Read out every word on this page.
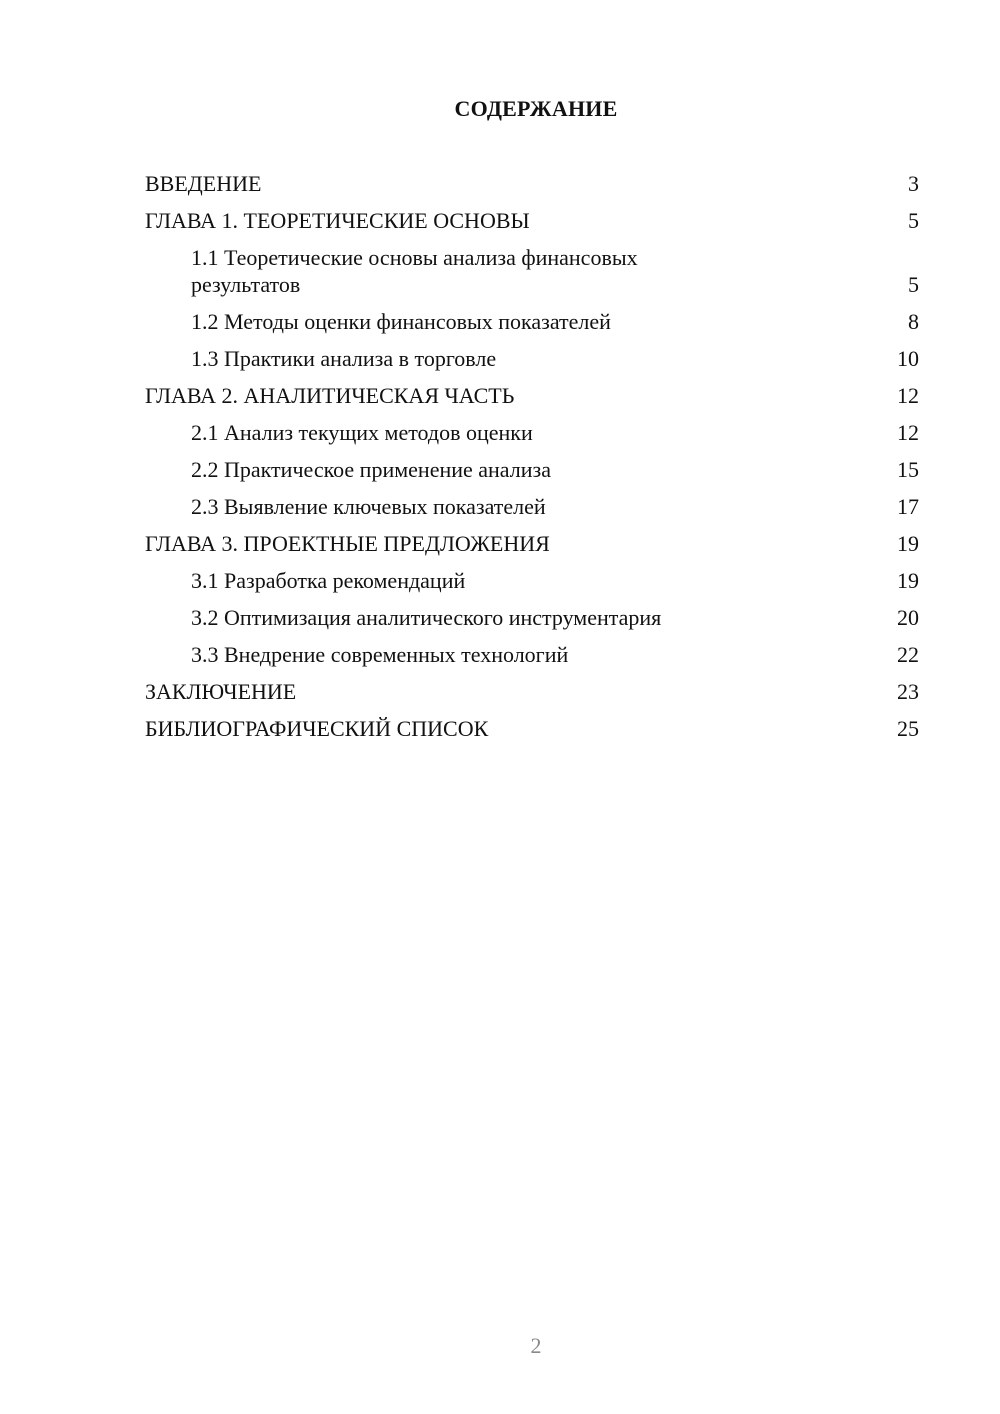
СОДЕРЖАНИЕ
ВВЕДЕНИЕ	3
ГЛАВА 1. ТЕОРЕТИЧЕСКИЕ ОСНОВЫ	5
1.1 Теоретические основы анализа финансовых результатов	5
1.2 Методы оценки финансовых показателей	8
1.3 Практики анализа в торговле	10
ГЛАВА 2. АНАЛИТИЧЕСКАЯ ЧАСТЬ	12
2.1 Анализ текущих методов оценки	12
2.2 Практическое применение анализа	15
2.3 Выявление ключевых показателей	17
ГЛАВА 3. ПРОЕКТНЫЕ ПРЕДЛОЖЕНИЯ	19
3.1 Разработка рекомендаций	19
3.2 Оптимизация аналитического инструментария	20
3.3 Внедрение современных технологий	22
ЗАКЛЮЧЕНИЕ	23
БИБЛИОГРАФИЧЕСКИЙ СПИСОК	25
2
